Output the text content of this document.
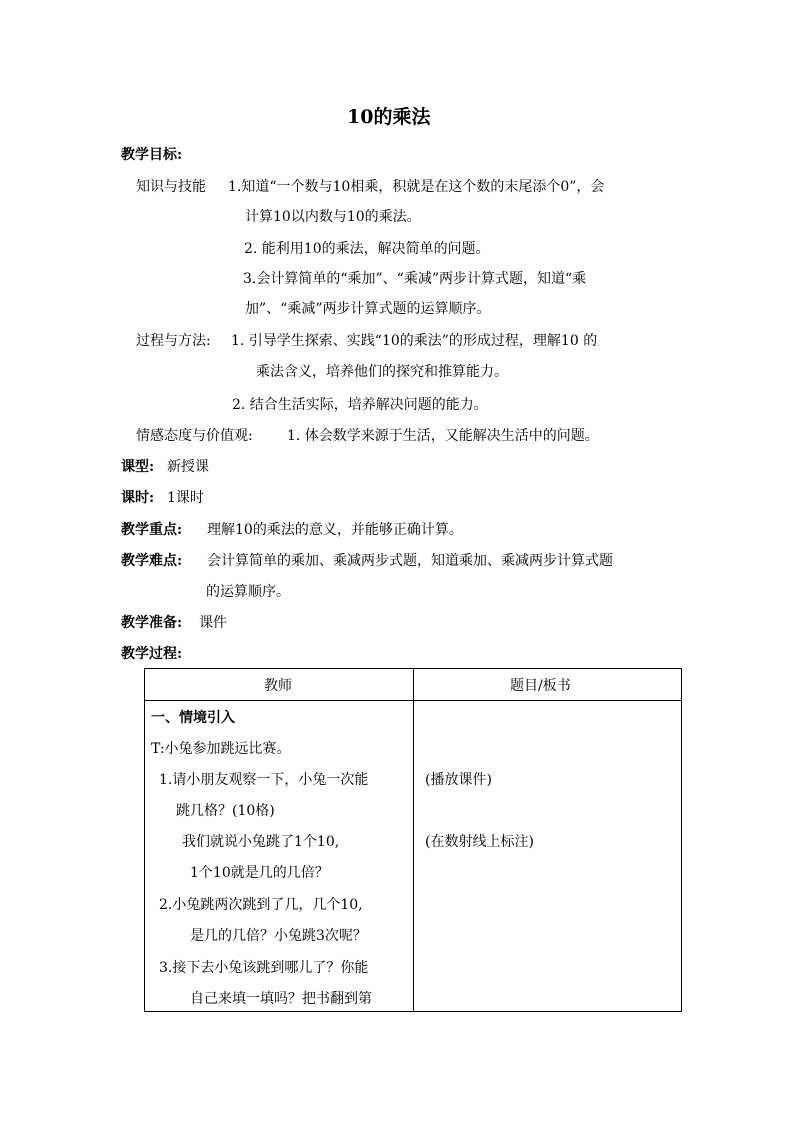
10的乘法
教学目标:
知识与技能 1.知道“一个数与10相乘，积就是在这个数的末尾添个0”，会
计算10以内数与10的乘法。
2. 能利用10的乘法，解决简单的问题。
3.会计算简单的“乘加”、“乘减”两步计算式题，知道“乘
加”、“乘减”两步计算式题的运算顺序。
过程与方法: 1. 引导学生探索、实践“10的乘法”的形成过程，理解10 的
乘法含义，培养他们的探究和推算能力。
2. 结合生活实际，培养解决问题的能力。
情感态度与价值观: 1. 体会数学来源于生活，又能解决生活中的问题。
课型: 新授课
课时: 1课时
教学重点: 理解10的乘法的意义，并能够正确计算。
教学难点: 会计算简单的乘加、乘减两步式题，知道乘加、乘减两步计算式题
的运算顺序。
教学准备: 课件
教学过程:
教师	题目/板书
一、情境引入
T:小兔参加跳远比赛。
1.请小朋友观察一下，小兔一次能
跳几格？(10格)
我们就说小兔跳了1个10,
1个10就是几的几倍？
2.小兔跳两次跳到了几，几个10,
是几的几倍？小兔跳3次呢？
3.接下去小兔该跳到哪儿了？你能
自己来填一填吗？把书翻到第
(播放课件)
(在数射线上标注)
